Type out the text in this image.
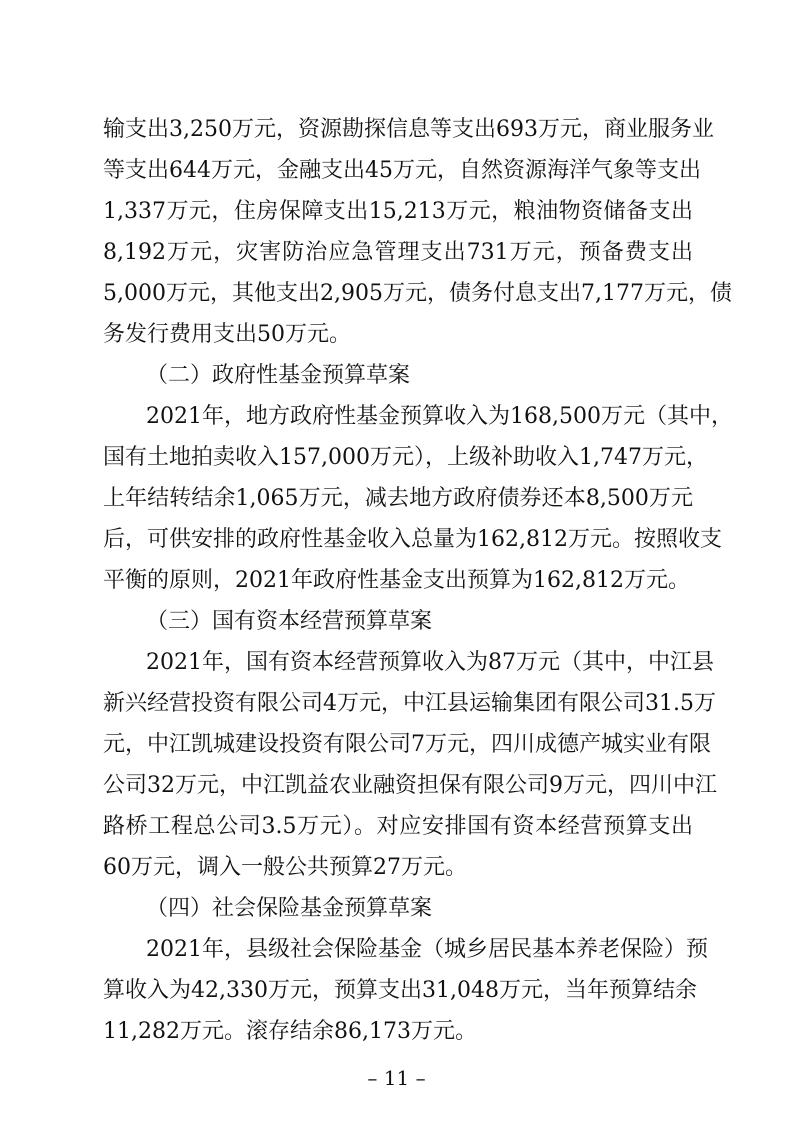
输支出3,250万元，资源勘探信息等支出693万元，商业服务业
等支出644万元，金融支出45万元，自然资源海洋气象等支出
1,337万元，住房保障支出15,213万元，粮油物资储备支出
8,192万元，灾害防治应急管理支出731万元，预备费支出
5,000万元，其他支出2,905万元，债务付息支出7,177万元，债
务发行费用支出50万元。
（二）政府性基金预算草案
2021年，地方政府性基金预算收入为168,500万元（其中，
国有土地拍卖收入157,000万元），上级补助收入1,747万元，
上年结转结余1,065万元，减去地方政府债券还本8,500万元
后，可供安排的政府性基金收入总量为162,812万元。按照收支
平衡的原则，2021年政府性基金支出预算为162,812万元。
（三）国有资本经营预算草案
2021年，国有资本经营预算收入为87万元（其中，中江县
新兴经营投资有限公司4万元，中江县运输集团有限公司31.5万
元，中江凯城建设投资有限公司7万元，四川成德产城实业有限
公司32万元，中江凯益农业融资担保有限公司9万元，四川中江
路桥工程总公司3.5万元）。对应安排国有资本经营预算支出
60万元，调入一般公共预算27万元。
（四）社会保险基金预算草案
2021年，县级社会保险基金（城乡居民基本养老保险）预
算收入为42,330万元，预算支出31,048万元，当年预算结余
11,282万元。滚存结余86,173万元。
– 11 –
